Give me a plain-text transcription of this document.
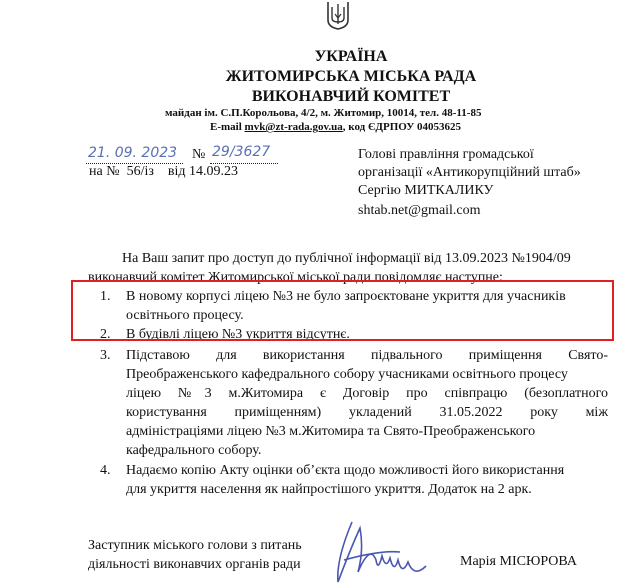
УКРАЇНА
ЖИТОМИРСЬКА МІСЬКА РАДА
ВИКОНАВЧИЙ КОМІТЕТ
майдан ім. С.П.Корольова, 4/2, м. Житомир, 10014, тел. 48-11-85
E-mail mvk@zt-rada.gov.ua, код ЄДРПОУ 04053625
21. 09. 2023 № 29/3627
на №  56/із    від 14.09.23
Голові правління громадської
організації «Антикорупційний штаб»
Сергію МИТКАЛИКУ
shtab.net@gmail.com
На Ваш запит про доступ до публічної інформації від 13.09.2023 №1904/09
виконавчий комітет Житомирської міської ради повідомляє наступне:
1. В новому корпусі ліцею №3 не було запроєктоване укриття для учасників
освітнього процесу.
2. В будівлі ліцею №3 укриття відсутнє.
3. Підставою для використання підвального приміщення Свято-
Преображенського кафедрального собору учасниками освітнього процесу
ліцею №3 м.Житомира є Договір про співпрацю (безоплатного
користування приміщенням) укладений 31.05.2022 року між
адміністраціями ліцею №3 м.Житомира та Свято-Преображенського
кафедрального собору.
4. Надаємо копію Акту оцінки об’єкта щодо можливості його використання
для укриття населення як найпростішого укриття. Додаток на 2 арк.
Заступник міського голови з питань
діяльності виконавчих органів ради	Марія МІСЮРОВА
